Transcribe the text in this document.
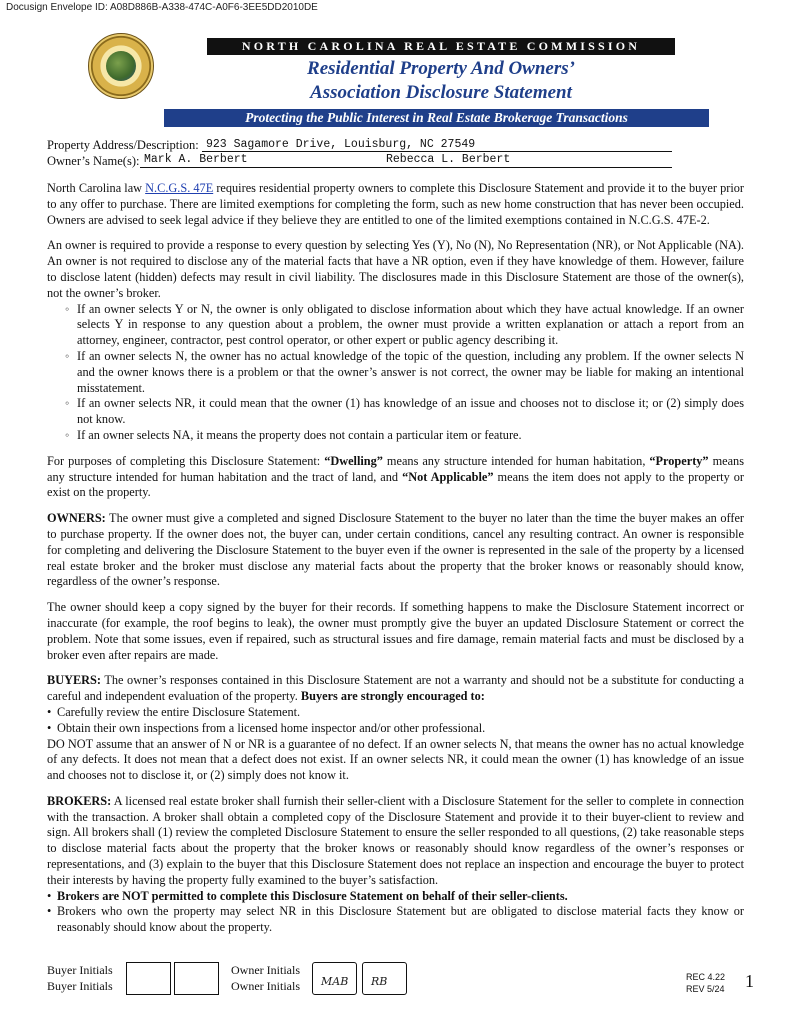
Docusign Envelope ID: A08D886B-A338-474C-A0F6-3EE5DD2010DE
NORTH CAROLINA REAL ESTATE COMMISSION
Residential Property And Owners’
Association Disclosure Statement
Protecting the Public Interest in Real Estate Brokerage Transactions
Property Address/Description: 923 Sagamore Drive, Louisburg, NC 27549
Owner’s Name(s): Mark A. Berbert	Rebecca L. Berbert

North Carolina law N.C.G.S. 47E requires residential property owners to complete this Disclosure Statement and provide it to the buyer prior to any offer to purchase. There are limited exemptions for completing the form, such as new home construction that has never been occupied. Owners are advised to seek legal advice if they believe they are entitled to one of the limited exemptions contained in N.C.G.S. 47E-2.

An owner is required to provide a response to every question by selecting Yes (Y), No (N), No Representation (NR), or Not Applicable (NA). An owner is not required to disclose any of the material facts that have a NR option, even if they have knowledge of them. However, failure to disclose latent (hidden) defects may result in civil liability. The disclosures made in this Disclosure Statement are those of the owner(s), not the owner’s broker.

◦ If an owner selects Y or N, the owner is only obligated to disclose information about which they have actual knowledge. If an owner selects Y in response to any question about a problem, the owner must provide a written explanation or attach a report from an attorney, engineer, contractor, pest control operator, or other expert or public agency describing it.
◦ If an owner selects N, the owner has no actual knowledge of the topic of the question, including any problem. If the owner selects N and the owner knows there is a problem or that the owner’s answer is not correct, the owner may be liable for making an intentional misstatement.
◦ If an owner selects NR, it could mean that the owner (1) has knowledge of an issue and chooses not to disclose it; or (2) simply does not know.
◦ If an owner selects NA, it means the property does not contain a particular item or feature.

For purposes of completing this Disclosure Statement: “Dwelling” means any structure intended for human habitation, “Property” means any structure intended for human habitation and the tract of land, and “Not Applicable” means the item does not apply to the property or exist on the property.

OWNERS: The owner must give a completed and signed Disclosure Statement to the buyer no later than the time the buyer makes an offer to purchase property. If the owner does not, the buyer can, under certain conditions, cancel any resulting contract. An owner is responsible for completing and delivering the Disclosure Statement to the buyer even if the owner is represented in the sale of the property by a licensed real estate broker and the broker must disclose any material facts about the property that the broker knows or reasonably should know, regardless of the owner’s response.

The owner should keep a copy signed by the buyer for their records. If something happens to make the Disclosure Statement incorrect or inaccurate (for example, the roof begins to leak), the owner must promptly give the buyer an updated Disclosure Statement or correct the problem. Note that some issues, even if repaired, such as structural issues and fire damage, remain material facts and must be disclosed by a broker even after repairs are made.

BUYERS: The owner’s responses contained in this Disclosure Statement are not a warranty and should not be a substitute for conducting a careful and independent evaluation of the property. Buyers are strongly encouraged to:

• Carefully review the entire Disclosure Statement.
• Obtain their own inspections from a licensed home inspector and/or other professional.

DO NOT assume that an answer of N or NR is a guarantee of no defect. If an owner selects N, that means the owner has no actual knowledge of any defects. It does not mean that a defect does not exist. If an owner selects NR, it could mean the owner (1) has knowledge of an issue and chooses not to disclose it, or (2) simply does not know it.

BROKERS: A licensed real estate broker shall furnish their seller-client with a Disclosure Statement for the seller to complete in connection with the transaction. A broker shall obtain a completed copy of the Disclosure Statement and provide it to their buyer-client to review and sign. All brokers shall (1) review the completed Disclosure Statement to ensure the seller responded to all questions, (2) take reasonable steps to disclose material facts about the property that the broker knows or reasonably should know regardless of the owner’s responses or representations, and (3) explain to the buyer that this Disclosure Statement does not replace an inspection and encourage the buyer to protect their interests by having the property fully examined to the buyer’s satisfaction.

• Brokers are NOT permitted to complete this Disclosure Statement on behalf of their seller-clients.
• Brokers who own the property may select NR in this Disclosure Statement but are obligated to disclose material facts they know or reasonably should know about the property.
Buyer Initials
Buyer Initials
Owner Initials
Owner Initials MAB RB	REC 4.22
REV 5/24 1
